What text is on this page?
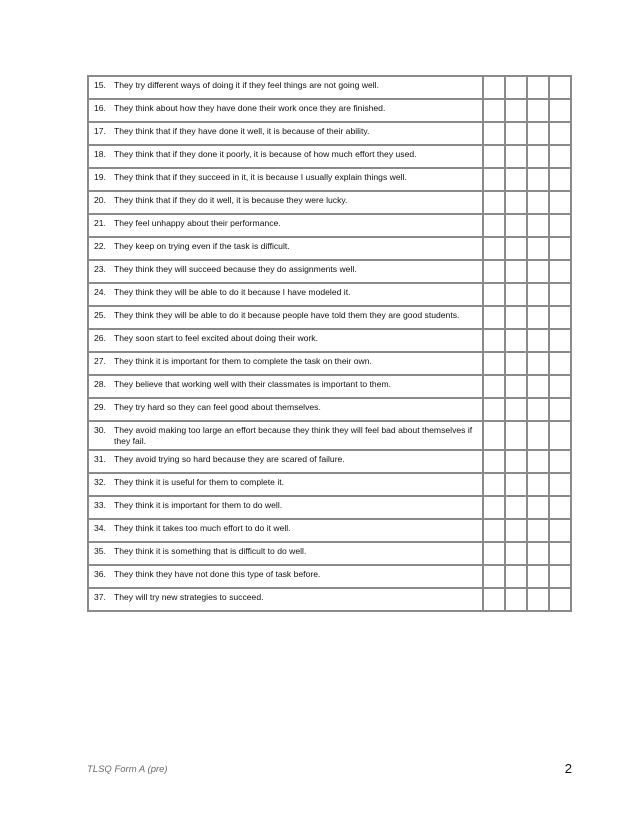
15. They try different ways of doing it if they feel things are not going well.				

16. They think about how they have done their work once they are finished.				

17. They think that if they have done it well, it is because of their ability.				

18. They think that if they done it poorly, it is because of how much effort they used.				

19. They think that if they succeed in it, it is because I usually explain things well.				

20. They think that if they do it well, it is because they were lucky.				

21. They feel unhappy about their performance.				

22. They keep on trying even if the task is difficult.				

23. They think they will succeed because they do assignments well.				

24. They think they will be able to do it because I have modeled it.				

25. They think they will be able to do it because people have told them they are good students.				

26. They soon start to feel excited about doing their work.				

27. They think it is important for them to complete the task on their own.				

28. They believe that working well with their classmates is important to them.				

29. They try hard so they can feel good about themselves.				

30. They avoid making too large an effort because they think they will feel bad about themselves if they fail.				

31. They avoid trying so hard because they are scared of failure.				

32. They think it is useful for them to complete it.				

33. They think it is important for them to do well.				

34. They think it takes too much effort to do it well.				

35. They think it is something that is difficult to do well.				

36. They think they have not done this type of task before.				

37. They will try new strategies to succeed.				

TLSQ Form A (pre)	2
